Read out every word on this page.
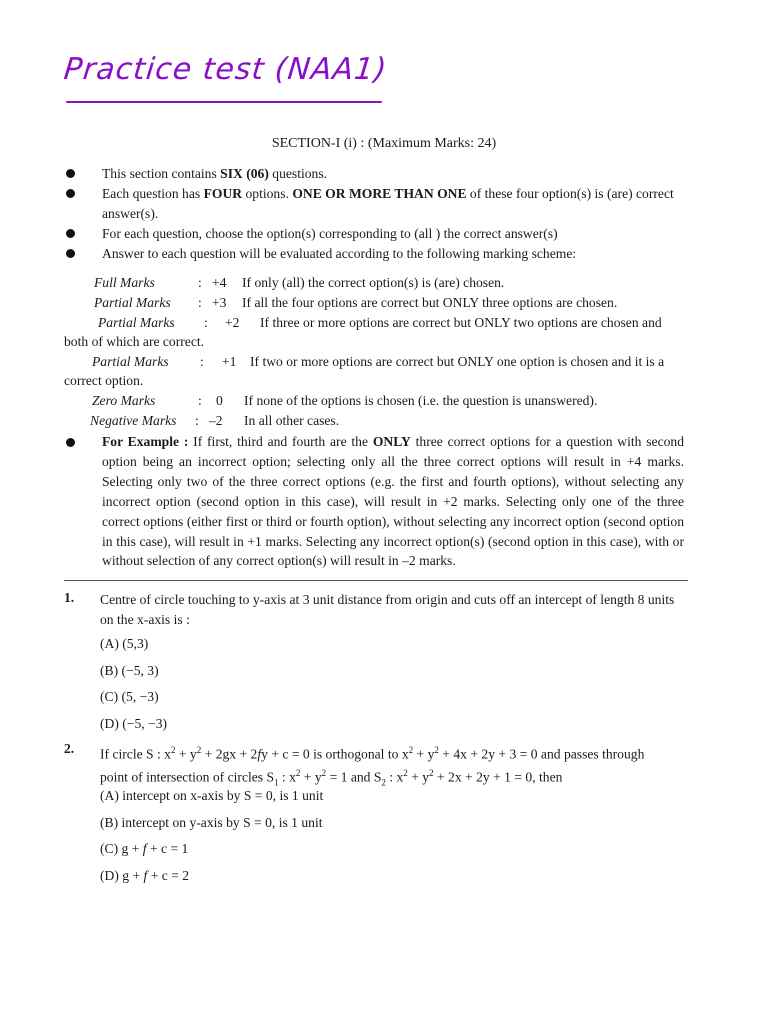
Practice test (NAA1)
SECTION-I (i) : (Maximum Marks: 24)
This section contains SIX (06) questions.
Each question has FOUR options. ONE OR MORE THAN ONE of these four option(s) is (are) correct answer(s).
For each question, choose the option(s) corresponding to (all ) the correct answer(s)
Answer to each question will be evaluated according to the following marking scheme:
Full Marks	: +4 If only (all) the correct option(s) is (are) chosen.
Partial Marks : +3 If all the four options are correct but ONLY three options are chosen.
Partial Marks : +2 If three or more options are correct but ONLY two options are chosen and
both of which are correct.
Partial Marks : +1 If two or more options are correct but ONLY one option is chosen and it is a
correct option.
Zero Marks	: 0 If none of the options is chosen (i.e. the question is unanswered).
Negative Marks : –2 In all other cases.

For Example : If first, third and fourth are the ONLY three correct options for a question with second option being an incorrect option; selecting only all the three correct options will result in +4 marks. Selecting only two of the three correct options (e.g. the first and fourth options), without selecting any incorrect option (second option in this case), will result in +2 marks. Selecting only one of the three correct options (either first or third or fourth option), without selecting any incorrect option (second option in this case), will result in +1 marks. Selecting any incorrect option(s) (second option in this case), with or without selection of any correct option(s) will result in –2 marks.

1. Centre of circle touching to y-axis at 3 unit distance from origin and cuts off an intercept of length 8 units on the x-axis is :
(A) (5,3)
(B) (−5, 3)
(C) (5, −3)
(D) (−5, −3)
2. If circle S : $x^2 + y^2 + 2gx + 2fy + c = 0$ is orthogonal to $x^2 + y^2 + 4x + 2y + 3 = 0$ and passes through
point of intersection of circles $S_1$ : $x^2 + y^2 = 1$ and $S_2$ : $x^2 + y^2 + 2x + 2y + 1 = 0$, then
(A) intercept on x-axis by S = 0, is 1 unit
(B) intercept on y-axis by S = 0, is 1 unit
(C) g + f + c = 1
(D) g + f + c = 2
